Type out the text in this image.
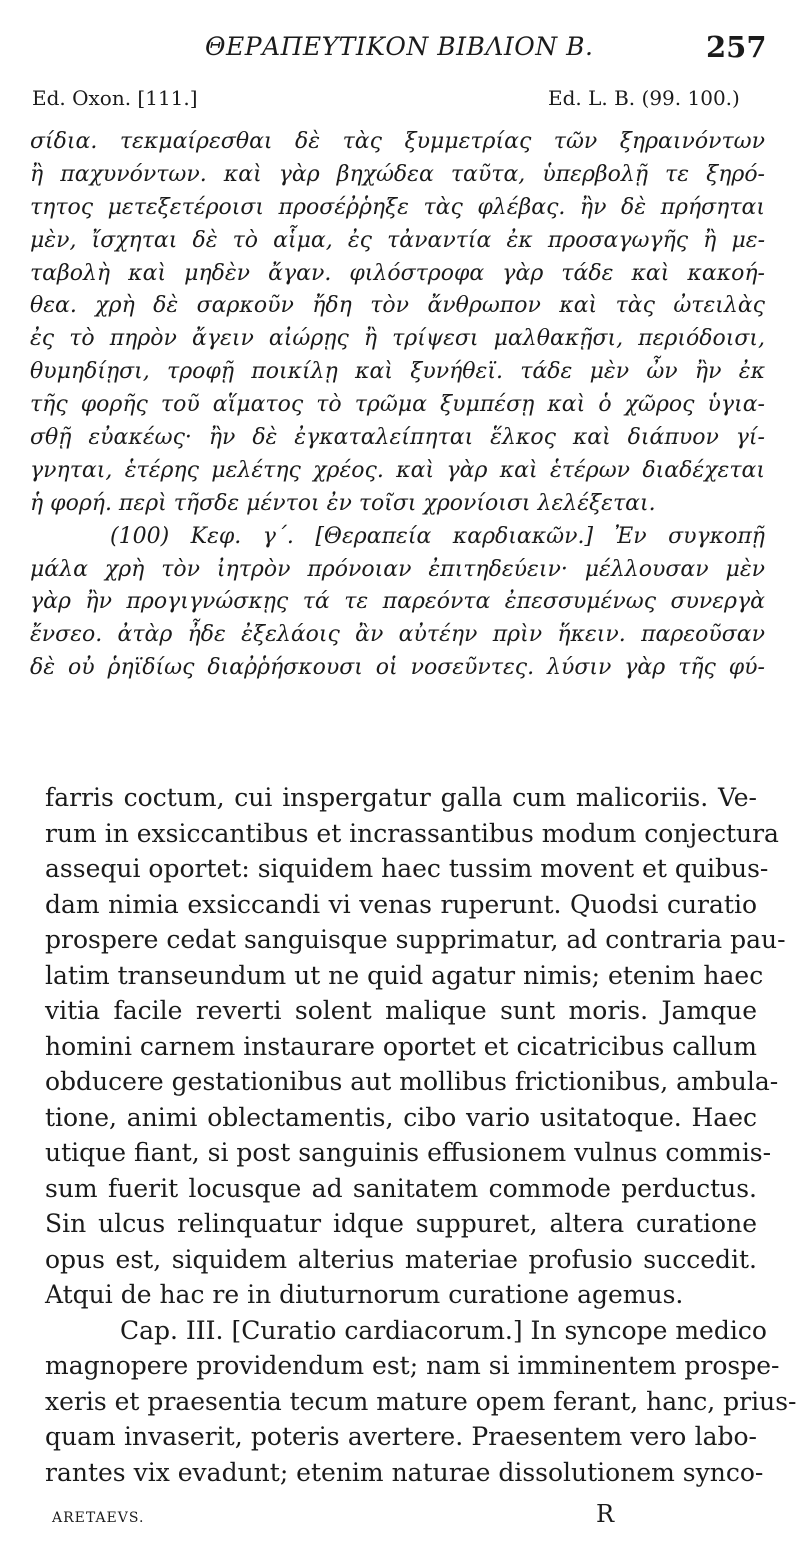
ΘΕΡΑΠΕΥΤΙΚΟΝ ΒΙΒΛΙΟΝ Β.	257
Ed. Oxon. [111.]	Ed. L. B. (99. 100.)
σίδια. τεκμαίρεσθαι δὲ τὰς ξυμμετρίας τῶν ξηραινόντων
ἢ παχυνόντων. καὶ γὰρ βηχώδεα ταῦτα, ὑπερβολῇ τε ξηρό-
τητος μετεξετέροισι προσέῤῥηξε τὰς φλέβας. ἢν δὲ πρήσηται
μὲν, ἴσχηται δὲ τὸ αἷμα, ἐς τἀναντία ἐκ προσαγωγῆς ἢ με-
ταβολὴ καὶ μηδὲν ἄγαν. φιλόστροφα γὰρ τάδε καὶ κακοή-
θεα. χρὴ δὲ σαρκοῦν ἤδη τὸν ἄνθρωπον καὶ τὰς ὠτειλὰς
ἐς τὸ πηρὸν ἄγειν αἰώρῃς ἢ τρίψεσι μαλθακῇσι, περιόδοισι,
θυμηδίῃσι, τροφῇ ποικίλῃ καὶ ξυνήθεϊ. τάδε μὲν ὦν ἢν ἐκ
τῆς φορῆς τοῦ αἵματος τὸ τρῶμα ξυμπέσῃ καὶ ὁ χῶρος ὑγια-
σθῇ εὐακέως· ἢν δὲ ἐγκαταλείπηται ἕλκος καὶ διάπυον γί-
γνηται, ἑτέρης μελέτης χρέος. καὶ γὰρ καὶ ἑτέρων διαδέχεται
ἡ φορή. περὶ τῆσδε μέντοι ἐν τοῖσι χρονίοισι λελέξεται.
(100) Κεφ. γ΄. [Θεραπεία καρδιακῶν.] Ἐν συγκοπῇ
μάλα χρὴ τὸν ἰητρὸν πρόνοιαν ἐπιτηδεύειν· μέλλουσαν μὲν
γὰρ ἢν προγιγνώσκῃς τά τε παρεόντα ἐπεσσυμένως συνεργὰ
ἔνσεο. ἀτὰρ ἦδε ἐξελάοις ἂν αὐτέην πρὶν ἥκειν. παρεοῦσαν
δὲ οὐ ῥηϊδίως διαῤῥήσκουσι οἱ νοσεῦντες. λύσιν γὰρ τῆς φύ-
farris coctum, cui inspergatur galla cum malicoriis. Ve-
rum in exsiccantibus et incrassantibus modum conjectura
assequi oportet: siquidem haec tussim movent et quibus-
dam nimia exsiccandi vi venas ruperunt. Quodsi curatio
prospere cedat sanguisque supprimatur, ad contraria pau-
latim transeundum ut ne quid agatur nimis; etenim haec
vitia facile reverti solent malique sunt moris. Jamque
homini carnem instaurare oportet et cicatricibus callum
obducere gestationibus aut mollibus frictionibus, ambula-
tione, animi oblectamentis, cibo vario usitatoque. Haec
utique fiant, si post sanguinis effusionem vulnus commis-
sum fuerit locusque ad sanitatem commode perductus.
Sin ulcus relinquatur idque suppuret, altera curatione
opus est, siquidem alterius materiae profusio succedit.
Atqui de hac re in diuturnorum curatione agemus.
Cap. III. [Curatio cardiacorum.] In syncope medico
magnopere providendum est; nam si imminentem prospe-
xeris et praesentia tecum mature opem ferant, hanc, prius-
quam invaserit, poteris avertere. Praesentem vero labo-
rantes vix evadunt; etenim naturae dissolutionem synco-
ARETAEVS.	R
